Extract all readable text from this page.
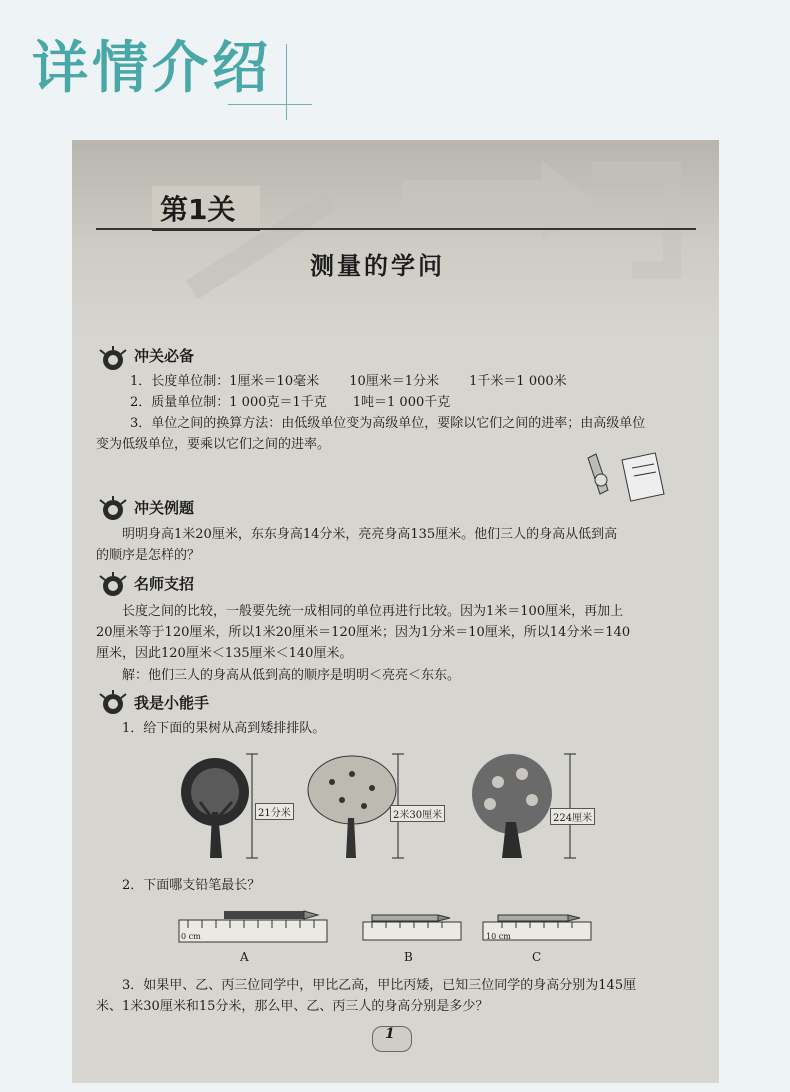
详情介绍
第1关
测量的学问
冲关必备
1．长度单位制：1厘米＝10毫米　　 10厘米＝1分米　　 1千米＝1 000米
2．质量单位制：1 000克＝1千克　　1吨＝1 000千克
3．单位之间的换算方法：由低级单位变为高级单位，要除以它们之间的进率；由高级单位
变为低级单位，要乘以它们之间的进率。
冲关例题
明明身高1米20厘米，东东身高14分米，亮亮身高135厘米。他们三人的身高从低到高
的顺序是怎样的？
名师支招
长度之间的比较，一般要先统一成相同的单位再进行比较。因为1米＝100厘米，再加上
20厘米等于120厘米，所以1米20厘米＝120厘米；因为1分米＝10厘米，所以14分米＝140
厘米，因此120厘米＜135厘米＜140厘米。
解：他们三人的身高从低到高的顺序是明明＜亮亮＜东东。
我是小能手
1．给下面的果树从高到矮排排队。
21分米	2米30厘米	224厘米
2．下面哪支铅笔最长？
0 cm
A	B
10 cm
C
3．如果甲、乙、丙三位同学中，甲比乙高，甲比丙矮，已知三位同学的身高分别为145厘
米、1米30厘米和15分米，那么甲、乙、丙三人的身高分别是多少？
1
